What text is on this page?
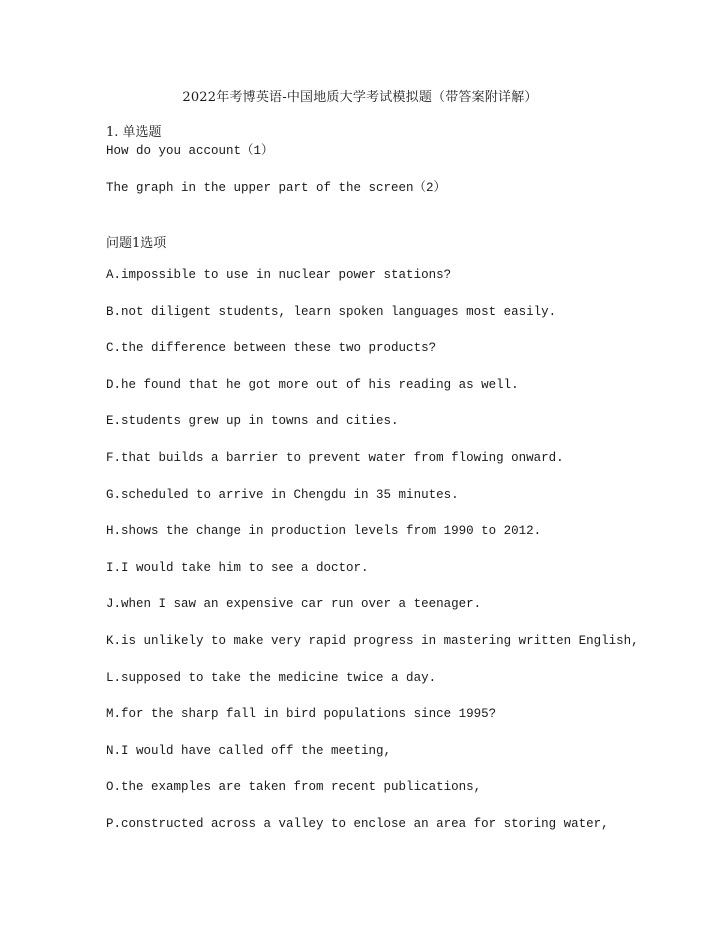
2022年考博英语-中国地质大学考试模拟题（带答案附详解）
1. 单选题
How do you account（1）
The graph in the upper part of the screen（2）
问题1选项
A.impossible to use in nuclear power stations?
B.not diligent students, learn spoken languages most easily.
C.the difference between these two products?
D.he found that he got more out of his reading as well.
E.students grew up in towns and cities.
F.that builds a barrier to prevent water from flowing onward.
G.scheduled to arrive in Chengdu in 35 minutes.
H.shows the change in production levels from 1990 to 2012.
I.I would take him to see a doctor.
J.when I saw an expensive car run over a teenager.
K.is unlikely to make very rapid progress in mastering written English,
L.supposed to take the medicine twice a day.
M.for the sharp fall in bird populations since 1995?
N.I would have called off the meeting,
O.the examples are taken from recent publications,
P.constructed across a valley to enclose an area for storing water,
